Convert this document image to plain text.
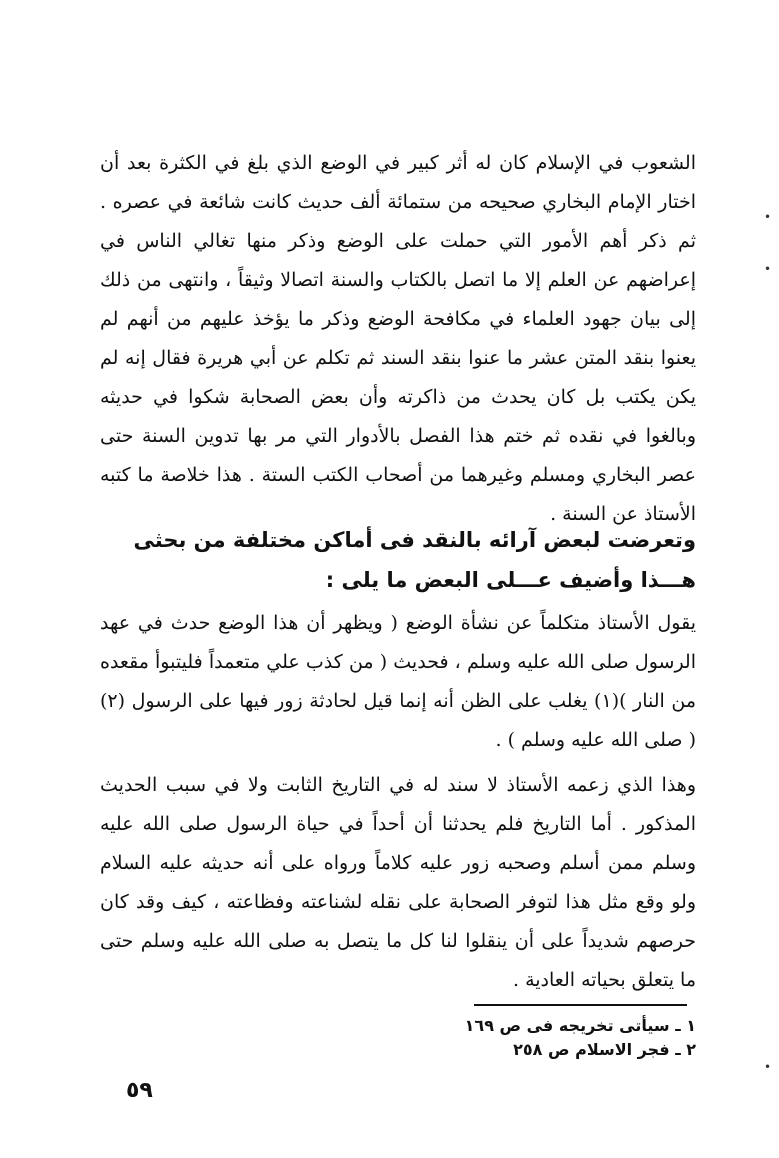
•
•
•

الشعوب في الإسلام كان له أثر كبير في الوضع الذي بلغ في الكثرة بعد أن اختار الإمام البخاري صحيحه من ستمائة ألف حديث كانت شائعة في عصره . ثم ذكر أهم الأمور التي حملت على الوضع وذكر منها تغالي الناس في إعراضهم عن العلم إلا ما اتصل بالكتاب والسنة اتصالا وثيقاً ، وانتهى من ذلك إلى بيان جهود العلماء في مكافحة الوضع وذكر ما يؤخذ عليهم من أنهم لم يعنوا بنقد المتن عشر ما عنوا بنقد السند ثم تكلم عن أبي هريرة فقال إنه لم يكن يكتب بل كان يحدث من ذاكرته وأن بعض الصحابة شكوا في حديثه وبالغوا في نقده ثم ختم هذا الفصل بالأدوار التي مر بها تدوين السنة حتى عصر البخاري ومسلم وغيرهما من أصحاب الكتب الستة . هذا خلاصة ما كتبه الأستاذ عن السنة .

وتعرضت لبعض آرائه بالنقد فى أماكن مختلفة من بحثى هـــذا وأضيف عـــلى البعض ما يلى :

يقول الأستاذ متكلماً عن نشأة الوضع ( ويظهر أن هذا الوضع حدث في عهد الرسول صلى الله عليه وسلم ، فحديث ( من كذب علي متعمداً فليتبوأ مقعده من النار )(١) يغلب على الظن أنه إنما قيل لحادثة زور فيها على الرسول (٢) ( صلى الله عليه وسلم ) .

وهذا الذي زعمه الأستاذ لا سند له في التاريخ الثابت ولا في سبب الحديث المذكور . أما التاريخ فلم يحدثنا أن أحداً في حياة الرسول صلى الله عليه وسلم ممن أسلم وصحبه زور عليه كلاماً ورواه على أنه حديثه عليه السلام ولو وقع مثل هذا لتوفر الصحابة على نقله لشناعته وفظاعته ، كيف وقد كان حرصهم شديداً على أن ينقلوا لنا كل ما يتصل به صلى الله عليه وسلم حتى ما يتعلق بحياته العادية .

١ ـ سيأتى تخريجه فى ص ١٦٩
٢ ـ فجر الاسلام ص ٢٥٨
٥٩
